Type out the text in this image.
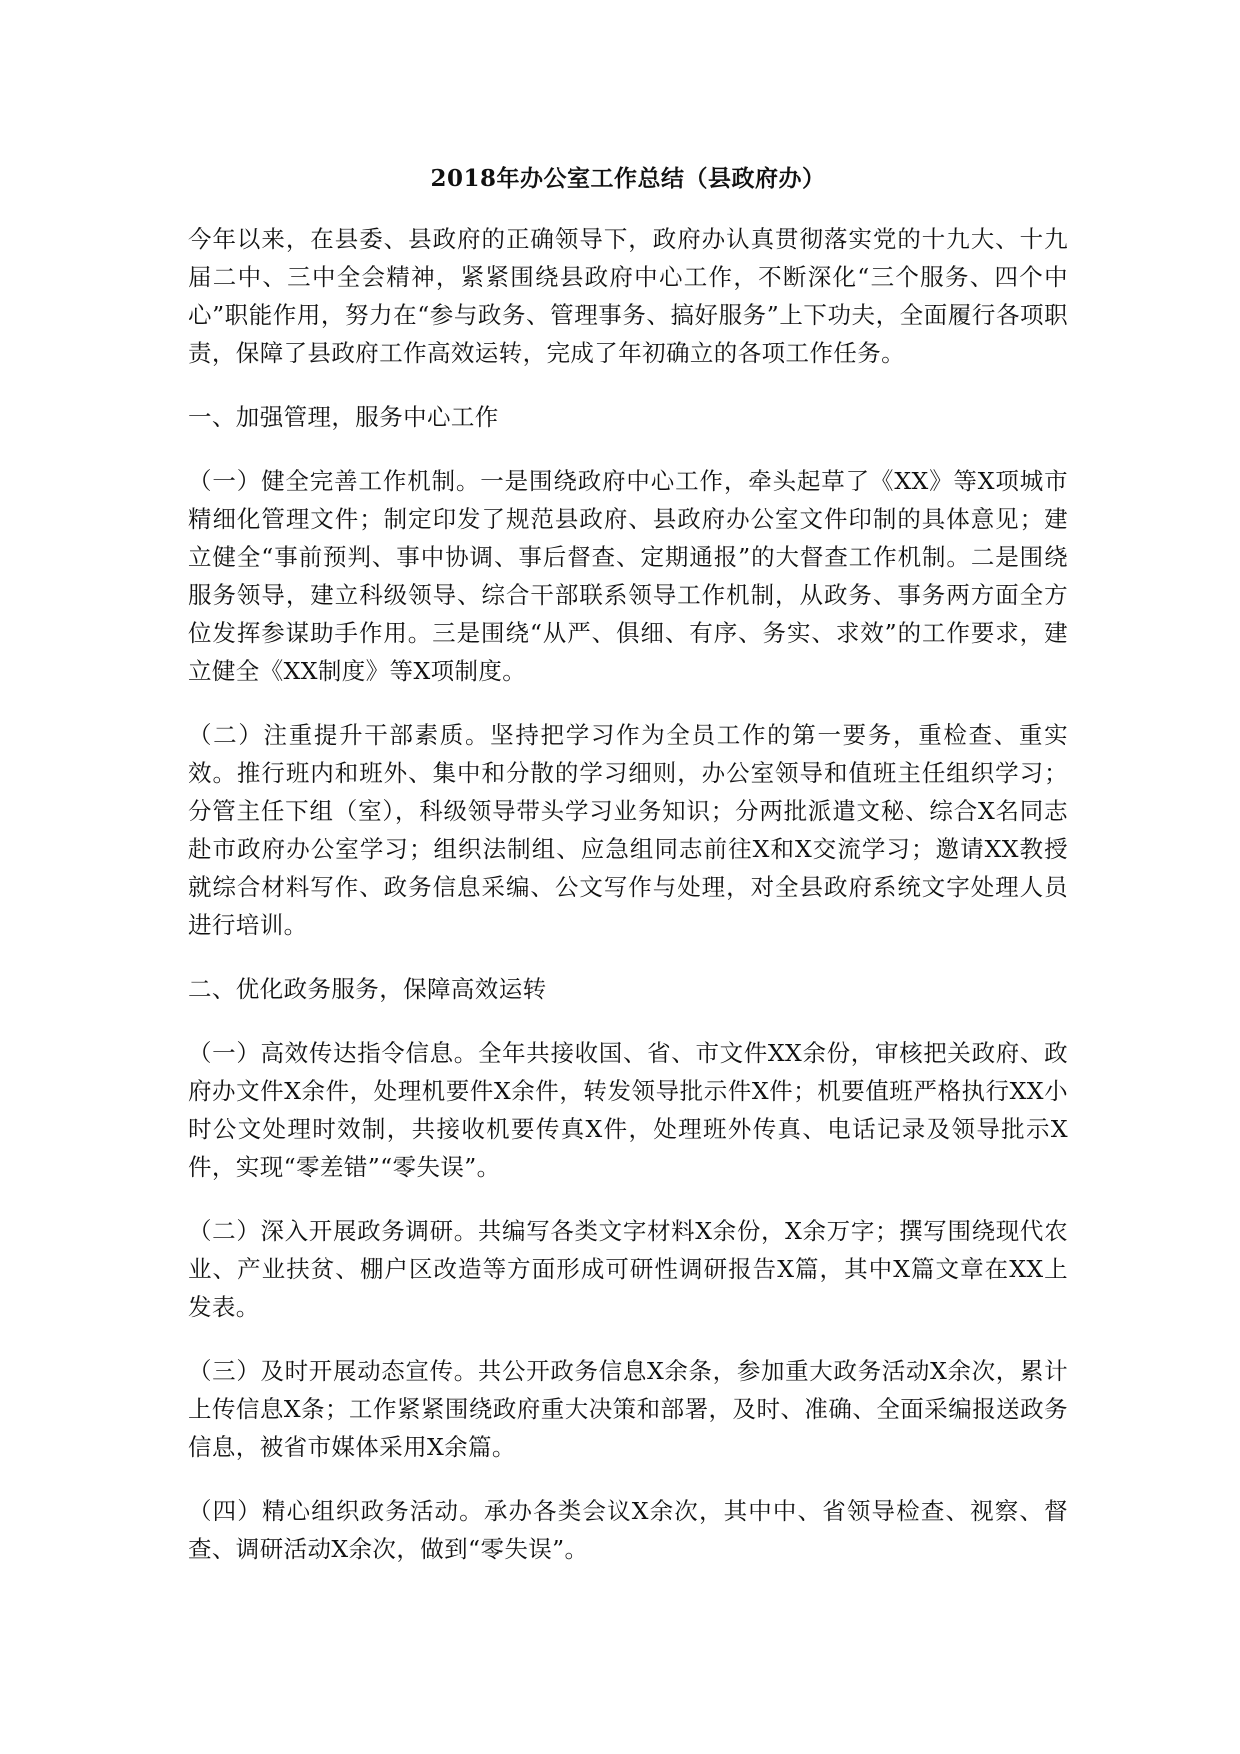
2018年办公室工作总结（县政府办）

今年以来，在县委、县政府的正确领导下，政府办认真贯彻落实党的十九大、十九届二中、三中全会精神，紧紧围绕县政府中心工作，不断深化“三个服务、四个中心”职能作用，努力在“参与政务、管理事务、搞好服务”上下功夫，全面履行各项职责，保障了县政府工作高效运转，完成了年初确立的各项工作任务。

一、加强管理，服务中心工作

（一）健全完善工作机制。一是围绕政府中心工作，牵头起草了《XX》等X项城市精细化管理文件；制定印发了规范县政府、县政府办公室文件印制的具体意见；建立健全“事前预判、事中协调、事后督查、定期通报”的大督查工作机制。二是围绕服务领导，建立科级领导、综合干部联系领导工作机制，从政务、事务两方面全方位发挥参谋助手作用。三是围绕“从严、俱细、有序、务实、求效”的工作要求，建立健全《XX制度》等X项制度。

（二）注重提升干部素质。坚持把学习作为全员工作的第一要务，重检查、重实效。推行班内和班外、集中和分散的学习细则，办公室领导和值班主任组织学习；分管主任下组（室），科级领导带头学习业务知识；分两批派遣文秘、综合X名同志赴市政府办公室学习；组织法制组、应急组同志前往X和X交流学习；邀请XX教授就综合材料写作、政务信息采编、公文写作与处理，对全县政府系统文字处理人员进行培训。

二、优化政务服务，保障高效运转

（一）高效传达指令信息。全年共接收国、省、市文件XX余份，审核把关政府、政府办文件X余件，处理机要件X余件，转发领导批示件X件；机要值班严格执行XX小时公文处理时效制，共接收机要传真X件，处理班外传真、电话记录及领导批示X件，实现“零差错”“零失误”。

（二）深入开展政务调研。共编写各类文字材料X余份，X余万字；撰写围绕现代农业、产业扶贫、棚户区改造等方面形成可研性调研报告X篇，其中X篇文章在XX上发表。

（三）及时开展动态宣传。共公开政务信息X余条，参加重大政务活动X余次，累计上传信息X条；工作紧紧围绕政府重大决策和部署，及时、准确、全面采编报送政务信息，被省市媒体采用X余篇。

（四）精心组织政务活动。承办各类会议X余次，其中中、省领导检查、视察、督查、调研活动X余次，做到“零失误”。
